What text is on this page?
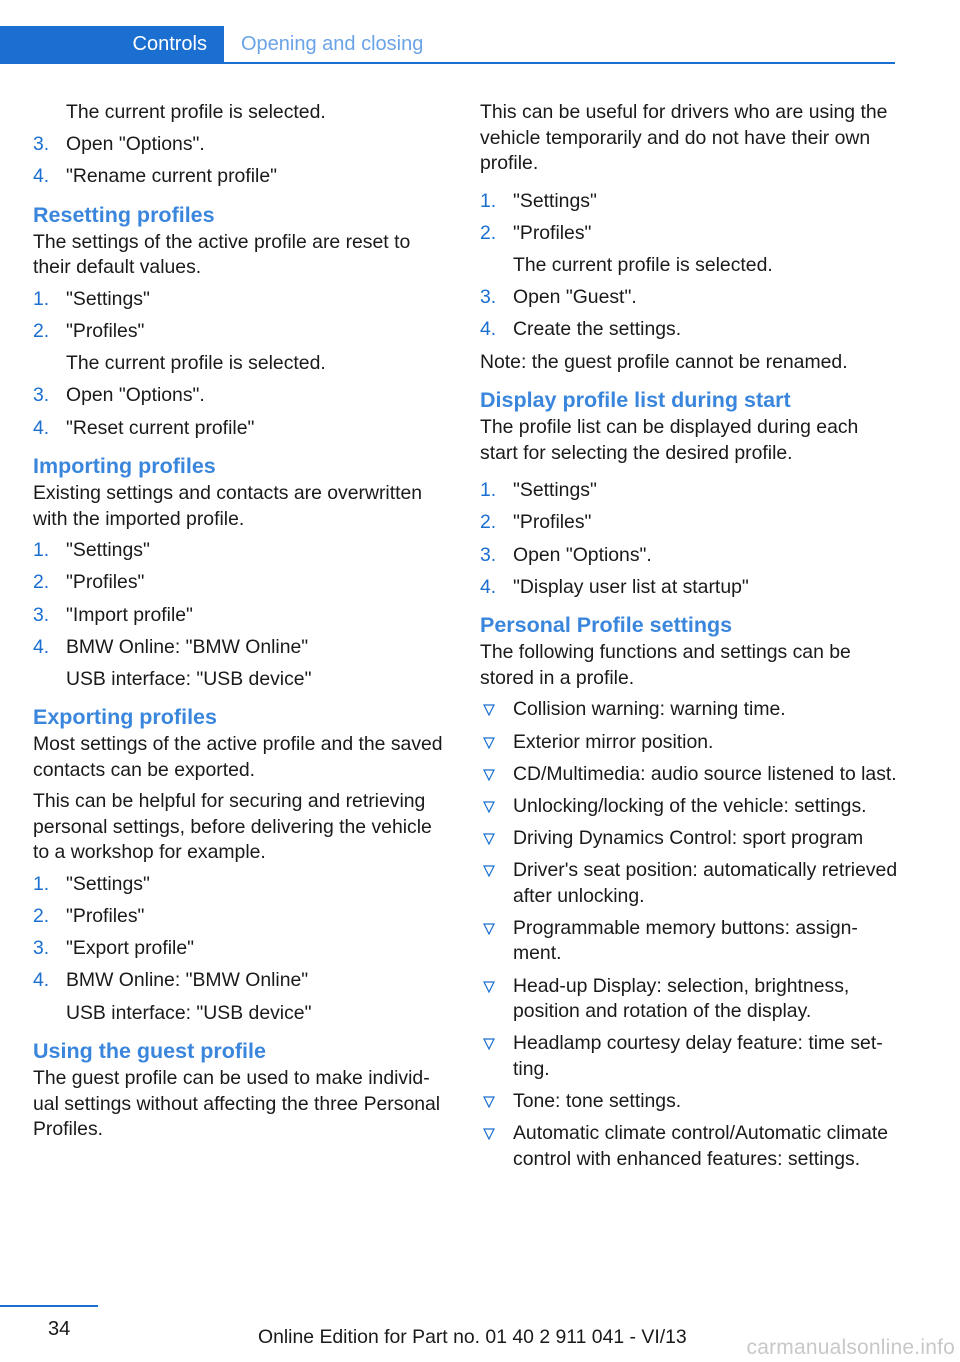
Controls Opening and closing
The current profile is selected.
3. Open "Options".
4. "Rename current profile"
Resetting profiles

The settings of the active profile are reset to their default values.

1. "Settings"
2. "Profiles"
The current profile is selected.
3. Open "Options".
4. "Reset current profile"
Importing profiles

Existing settings and contacts are overwritten with the imported profile.

1. "Settings"
2. "Profiles"
3. "Import profile"
4. BMW Online: "BMW Online"
USB interface: "USB device"
Exporting profiles

Most settings of the active profile and the saved contacts can be exported.

This can be helpful for securing and retrieving personal settings, before delivering the vehicle to a workshop for example.

1. "Settings"
2. "Profiles"
3. "Export profile"
4. BMW Online: "BMW Online"
USB interface: "USB device"
Using the guest profile

The guest profile can be used to make individual settings without affecting the three Personal Profiles.

This can be useful for drivers who are using the vehicle temporarily and do not have their own profile.

1. "Settings"
2. "Profiles"
The current profile is selected.
3. Open "Guest".
4. Create the settings.

Note: the guest profile cannot be renamed.

Display profile list during start

The profile list can be displayed during each start for selecting the desired profile.

1. "Settings"
2. "Profiles"
3. Open "Options".
4. "Display user list at startup"
Personal Profile settings

The following functions and settings can be stored in a profile.

Collision warning: warning time.
Exterior mirror position.
CD/Multimedia: audio source listened to last.
Unlocking/locking of the vehicle: settings.
Driving Dynamics Control: sport program
Driver's seat position: automatically retrieved after unlocking.
Programmable memory buttons: assignment.
Head-up Display: selection, brightness, position and rotation of the display.
Headlamp courtesy delay feature: time setting.
Tone: tone settings.
Automatic climate control/Automatic climate control with enhanced features: settings.
34	Online Edition for Part no. 01 40 2 911 041 - VI/13	carmanualsonline.info
